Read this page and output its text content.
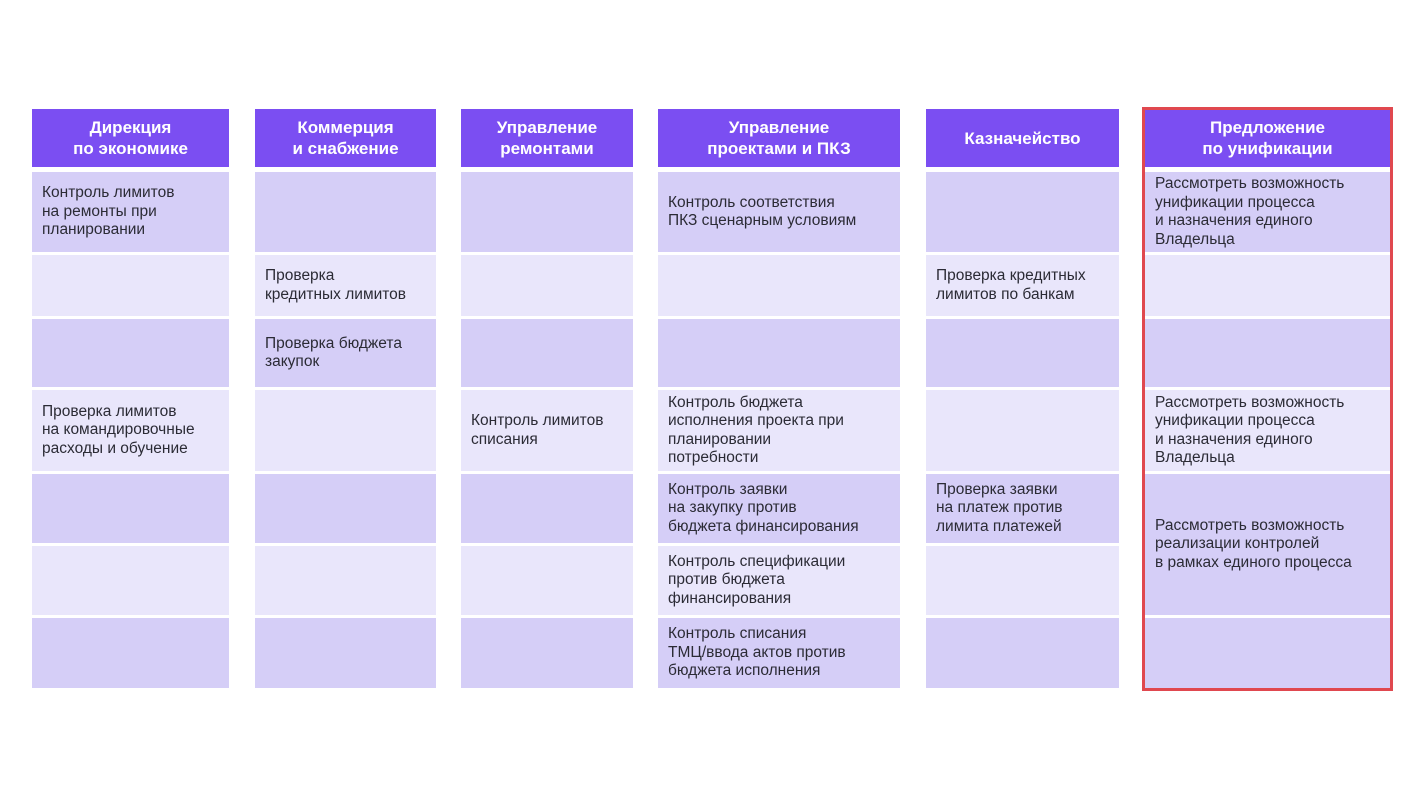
Дирекция
по экономике
Контроль лимитов
на ремонты при
планировании
Проверка лимитов
на командировочные
расходы и обучение
Коммерция
и снабжение
Проверка
кредитных лимитов
Проверка бюджета
закупок
Управление
ремонтами
Контроль лимитов
списания
Управление
проектами и ПКЗ
Контроль соответствия
ПКЗ сценарным условиям
Контроль бюджета
исполнения проекта при
планировании
потребности
Контроль заявки
на закупку против
бюджета финансирования
Контроль спецификации
против бюджета
финансирования
Контроль списания
ТМЦ/ввода актов против
бюджета исполнения
Казначейство
Проверка кредитных
лимитов по банкам
Проверка заявки
на платеж против
лимита платежей
Предложение
по унификации
Рассмотреть возможность
унификации процесса
и назначения единого
Владельца
Рассмотреть возможность
унификации процесса
и назначения единого
Владельца
Рассмотреть возможность
реализации контролей
в рамках единого процесса
